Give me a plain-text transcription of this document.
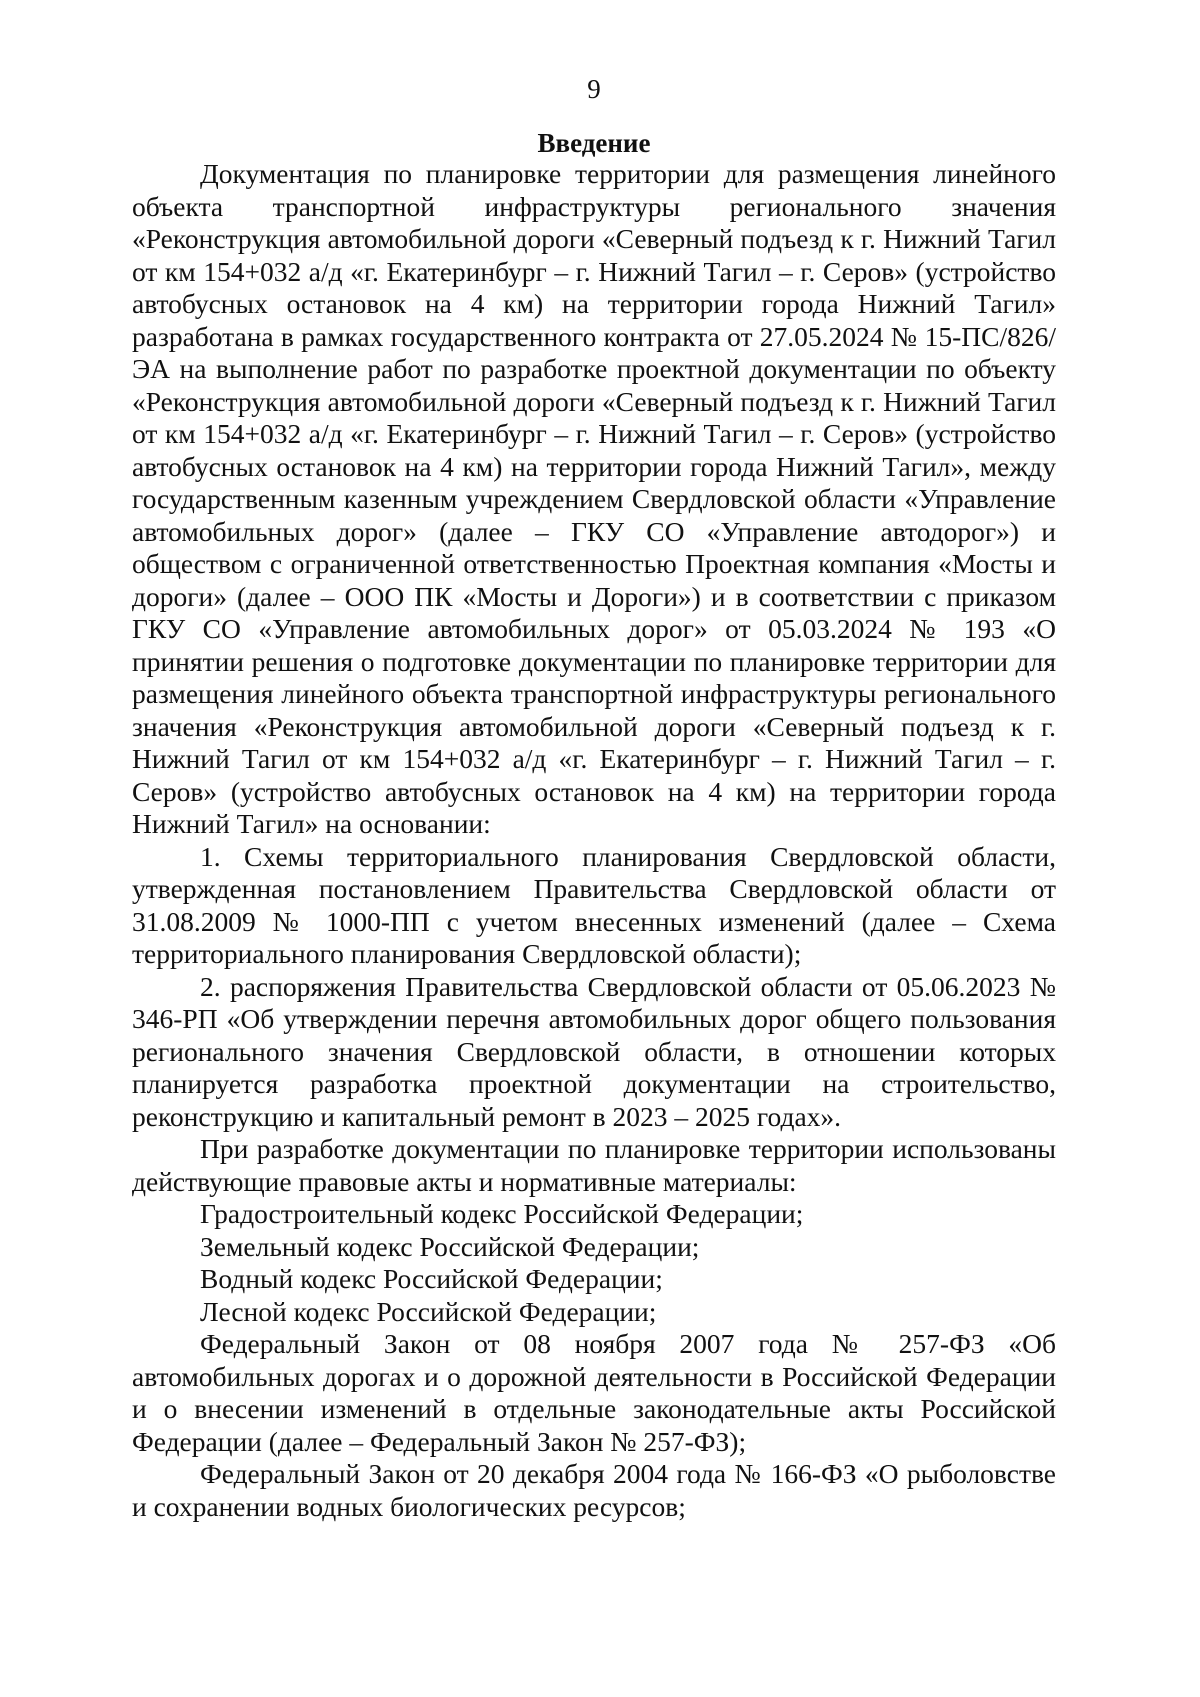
9
Введение

Документация по планировке территории для размещения линейного объекта транспортной инфраструктуры регионального значения «Реконструкция автомобильной дороги «Северный подъезд к г. Нижний Тагил от км 154+032 а/д «г. Екатеринбург – г. Нижний Тагил – г. Серов» (устройство автобусных остановок на 4 км) на территории города Нижний Тагил» разработана в рамках государственного контракта от 27.05.2024 № 15-ПС/826/ЭА на выполнение работ по разработке проектной документации по объекту «Реконструкция автомобильной дороги «Северный подъезд к г. Нижний Тагил от км 154+032 а/д «г. Екатеринбург – г. Нижний Тагил – г. Серов» (устройство автобусных остановок на 4 км) на территории города Нижний Тагил», между государственным казенным учреждением Свердловской области «Управление автомобильных дорог» (далее – ГКУ СО «Управление автодорог») и обществом с ограниченной ответственностью Проектная компания «Мосты и дороги» (далее – ООО ПК «Мосты и Дороги») и в соответствии с приказом ГКУ СО «Управление автомобильных дорог» от 05.03.2024 № 193 «О принятии решения о подготовке документации по планировке территории для размещения линейного объекта транспортной инфраструктуры регионального значения «Реконструкция автомобильной дороги «Северный подъезд к г. Нижний Тагил от км 154+032 а/д «г. Екатеринбург – г. Нижний Тагил – г. Серов» (устройство автобусных остановок на 4 км) на территории города Нижний Тагил» на основании:

1. Схемы территориального планирования Свердловской области, утвержденная постановлением Правительства Свердловской области от 31.08.2009 № 1000-ПП с учетом внесенных изменений (далее – Схема территориального планирования Свердловской области);

2. распоряжения Правительства Свердловской области от 05.06.2023 № 346-РП «Об утверждении перечня автомобильных дорог общего пользования регионального значения Свердловской области, в отношении которых планируется разработка проектной документации на строительство, реконструкцию и капитальный ремонт в 2023 – 2025 годах».

При разработке документации по планировке территории использованы действующие правовые акты и нормативные материалы:

Градостроительный кодекс Российской Федерации;

Земельный кодекс Российской Федерации;

Водный кодекс Российской Федерации;

Лесной кодекс Российской Федерации;

Федеральный Закон от 08 ноября 2007 года № 257-ФЗ «Об автомобильных дорогах и о дорожной деятельности в Российской Федерации и о внесении изменений в отдельные законодательные акты Российской Федерации (далее – Федеральный Закон № 257-ФЗ);

Федеральный Закон от 20 декабря 2004 года № 166-ФЗ «О рыболовстве и сохранении водных биологических ресурсов;
